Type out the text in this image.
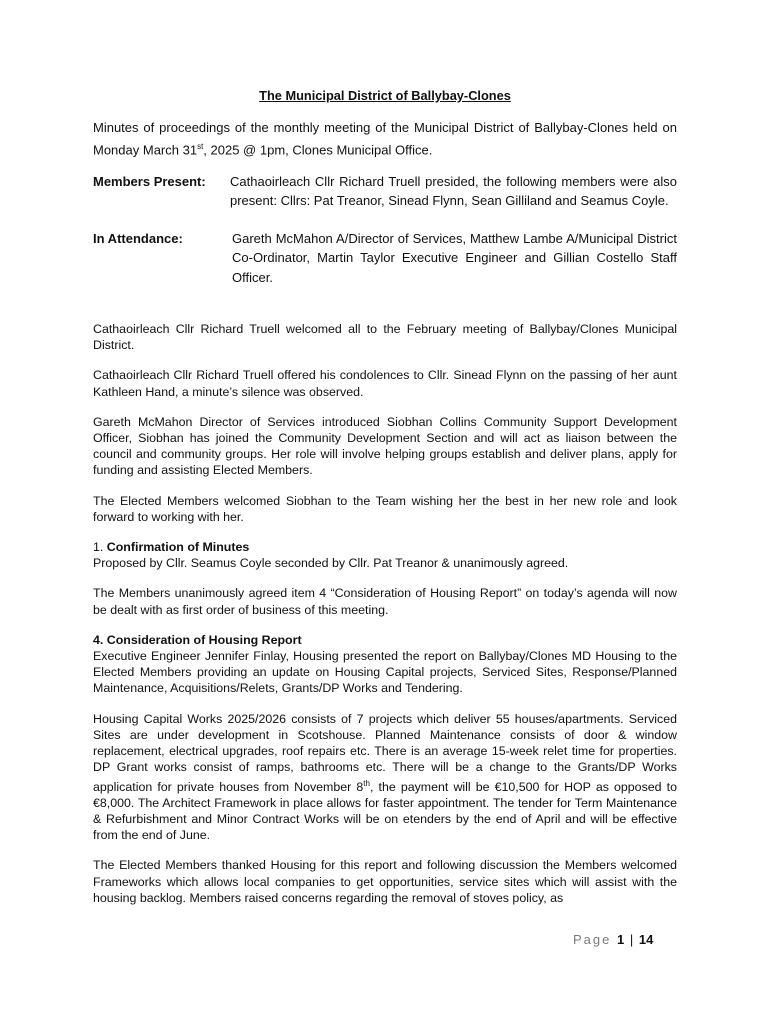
The Municipal District of Ballybay-Clones
Minutes of proceedings of the monthly meeting of the Municipal District of Ballybay-Clones held on
Monday March 31st, 2025 @ 1pm, Clones Municipal Office.
Members Present:	Cathaoirleach Cllr Richard Truell presided, the following members were also present: Cllrs: Pat Treanor, Sinead Flynn, Sean Gilliland and Seamus Coyle.
In Attendance:	Gareth McMahon A/Director of Services, Matthew Lambe A/Municipal District Co-Ordinator, Martin Taylor Executive Engineer and Gillian Costello Staff Officer.

Cathaoirleach Cllr Richard Truell welcomed all to the February meeting of Ballybay/Clones Municipal District.

Cathaoirleach Cllr Richard Truell offered his condolences to Cllr. Sinead Flynn on the passing of her aunt Kathleen Hand, a minute’s silence was observed.

Gareth McMahon Director of Services introduced Siobhan Collins Community Support Development Officer, Siobhan has joined the Community Development Section and will act as liaison between the council and community groups. Her role will involve helping groups establish and deliver plans, apply for funding and assisting Elected Members.

The Elected Members welcomed Siobhan to the Team wishing her the best in her new role and look forward to working with her.

1. Confirmation of Minutes

Proposed by Cllr. Seamus Coyle seconded by Cllr. Pat Treanor & unanimously agreed.

The Members unanimously agreed item 4 “Consideration of Housing Report” on today’s agenda will now be dealt with as first order of business of this meeting.

4. Consideration of Housing Report

Executive Engineer Jennifer Finlay, Housing presented the report on Ballybay/Clones MD Housing to the Elected Members providing an update on Housing Capital projects, Serviced Sites, Response/Planned Maintenance, Acquisitions/Relets, Grants/DP Works and Tendering.

Housing Capital Works 2025/2026 consists of 7 projects which deliver 55 houses/apartments. Serviced Sites are under development in Scotshouse. Planned Maintenance consists of door & window replacement, electrical upgrades, roof repairs etc. There is an average 15-week relet time for properties. DP Grant works consist of ramps, bathrooms etc. There will be a change to the Grants/DP Works application for private houses from November 8th, the payment will be €10,500 for HOP as opposed to €8,000. The Architect Framework in place allows for faster appointment. The tender for Term Maintenance & Refurbishment and Minor Contract Works will be on etenders by the end of April and will be effective from the end of June.

The Elected Members thanked Housing for this report and following discussion the Members welcomed Frameworks which allows local companies to get opportunities, service sites which will assist with the housing backlog. Members raised concerns regarding the removal of stoves policy, as

Page 1 | 14
